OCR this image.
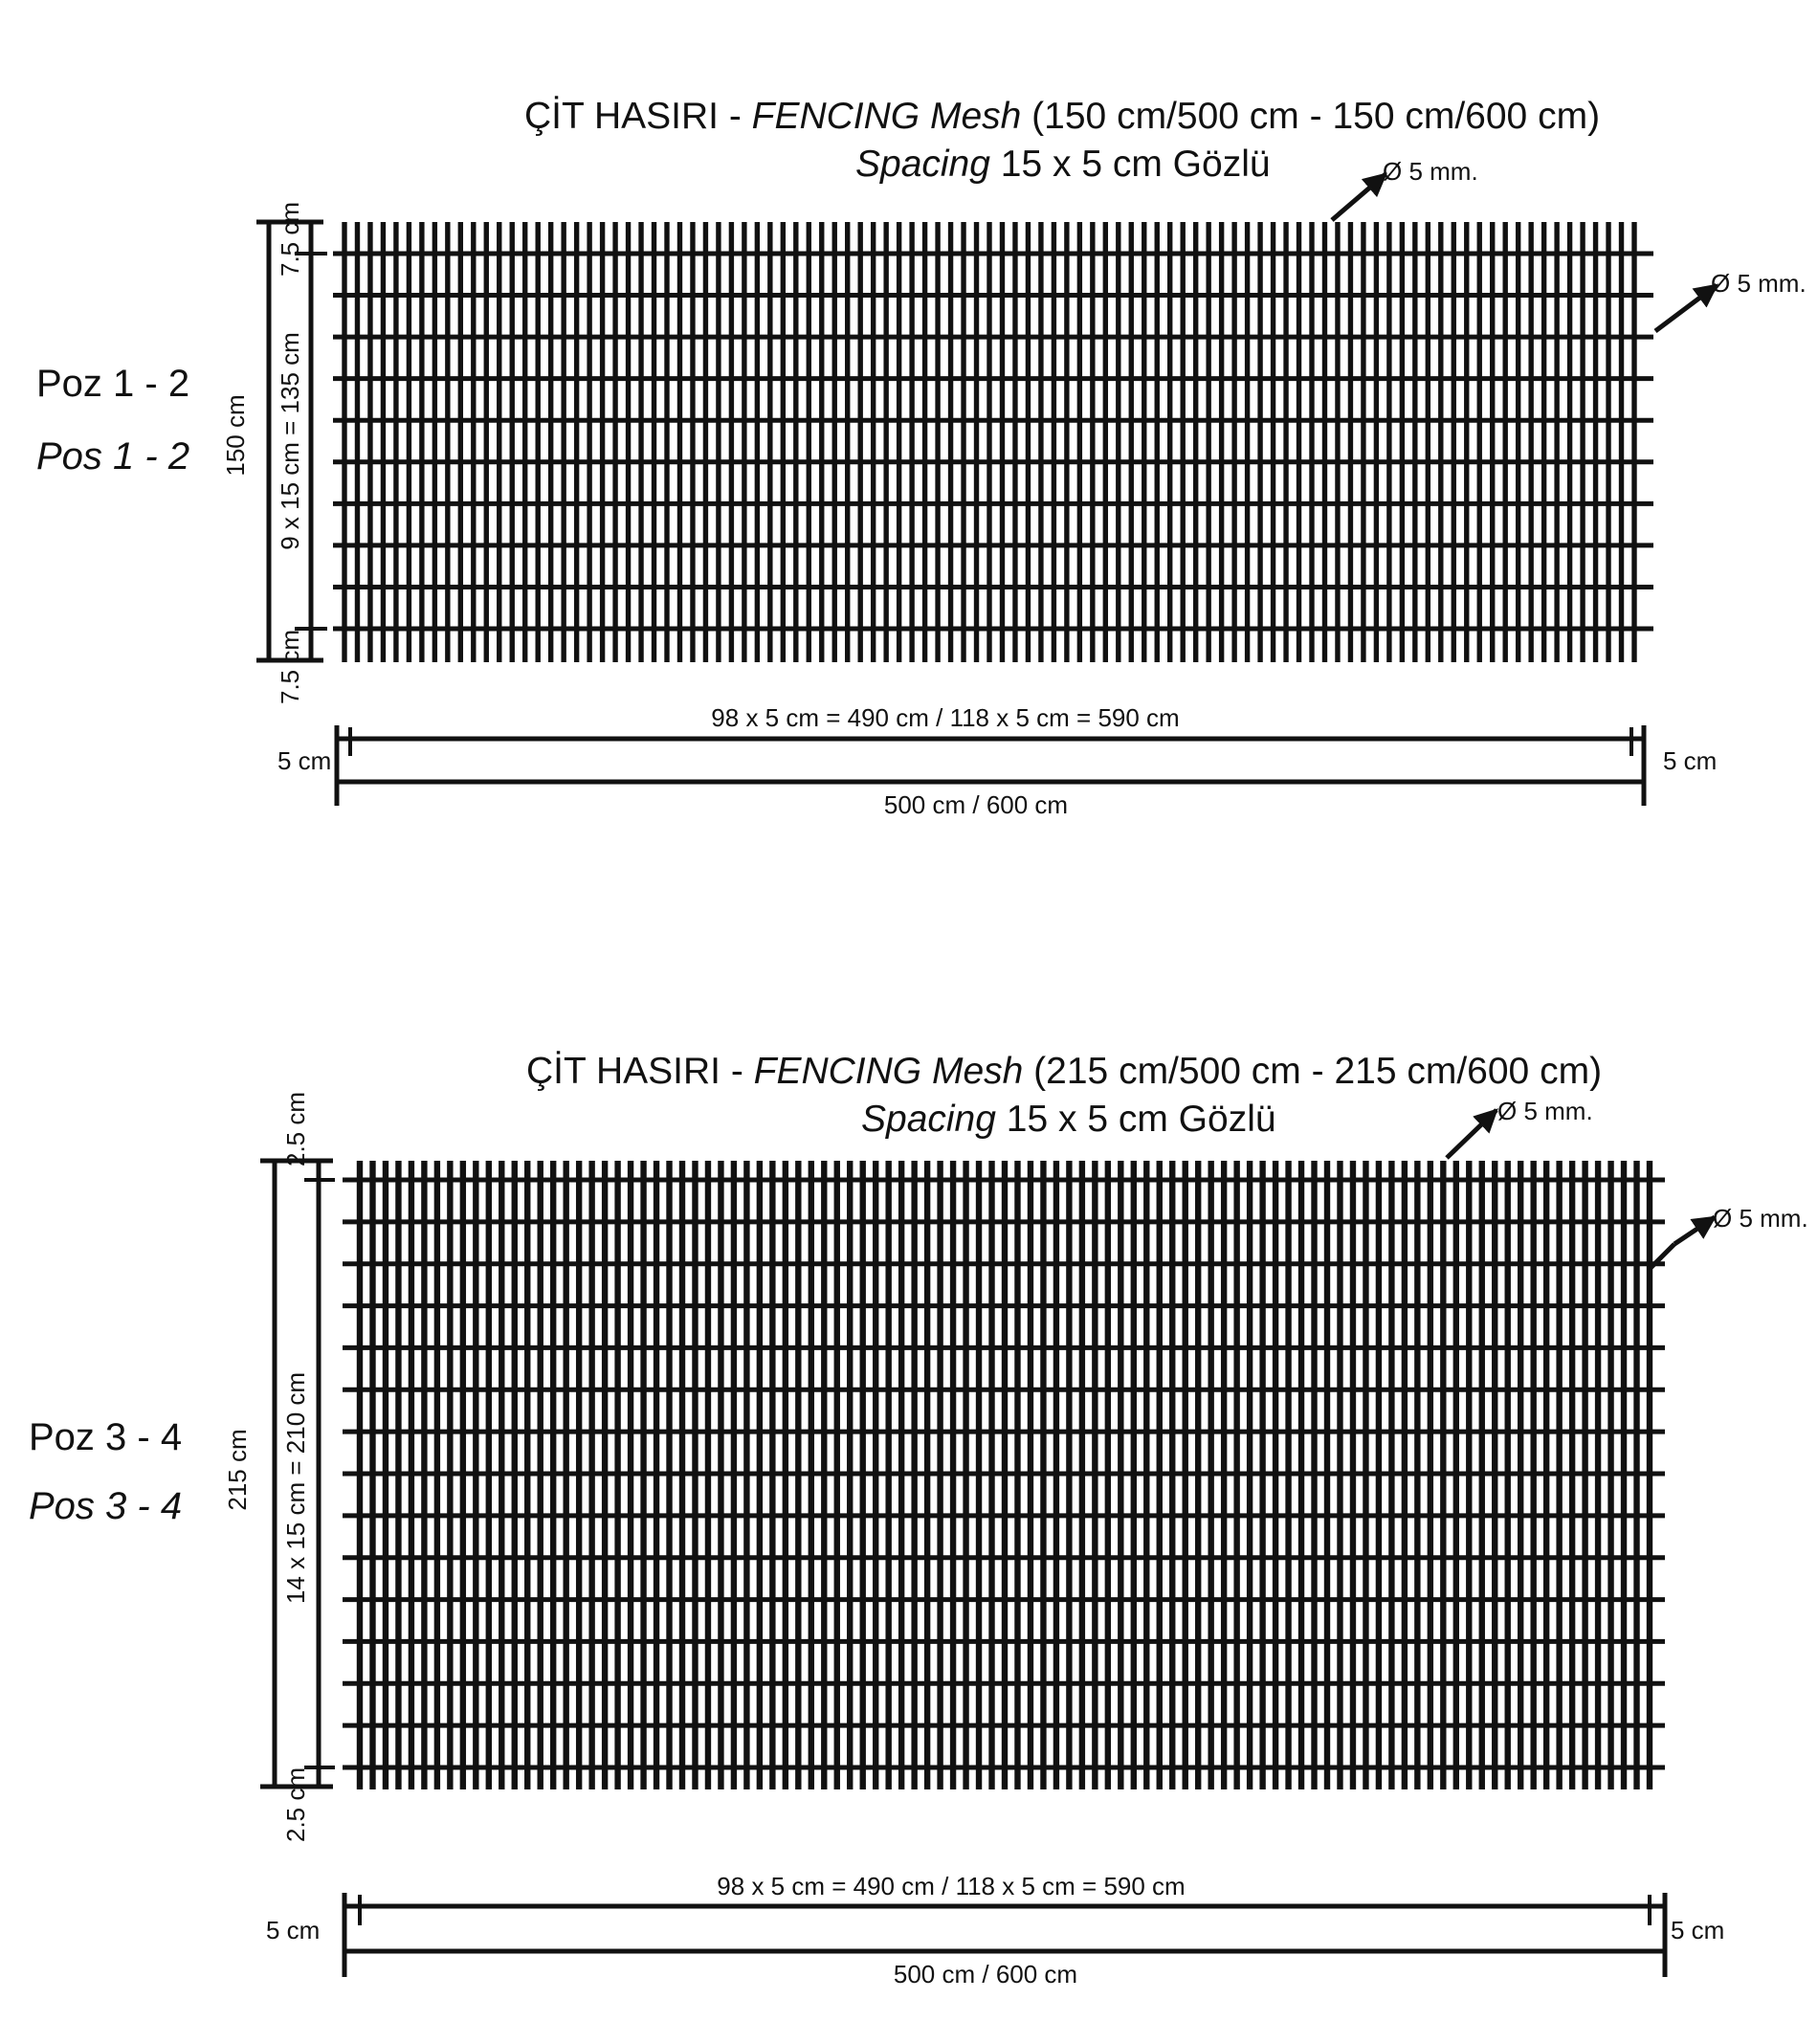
ÇİT HASIRI - FENCING Mesh (150 cm/500 cm - 150 cm/600 cm)
Spacing 15 x 5 cm Gözlü
Poz 1 - 2
Pos 1 - 2 150 cm
7.5 cm
9 x 15 cm = 135 cm
7.5 cm
Ø 5 mm.
Ø 5 mm.
98 x 5 cm = 490 cm / 118 x 5 cm = 590 cm
5 cm	5 cm
500 cm / 600 cm
ÇİT HASIRI - FENCING Mesh (215 cm/500 cm - 215 cm/600 cm)
Spacing 15 x 5 cm Gözlü
Poz 3 - 4
Pos 3 - 4 215 cm
2.5 cm
14 x 15 cm = 210 cm
2.5 cm
Ø 5 mm.
Ø 5 mm.
98 x 5 cm = 490 cm / 118 x 5 cm = 590 cm
5 cm	5 cm
500 cm / 600 cm
